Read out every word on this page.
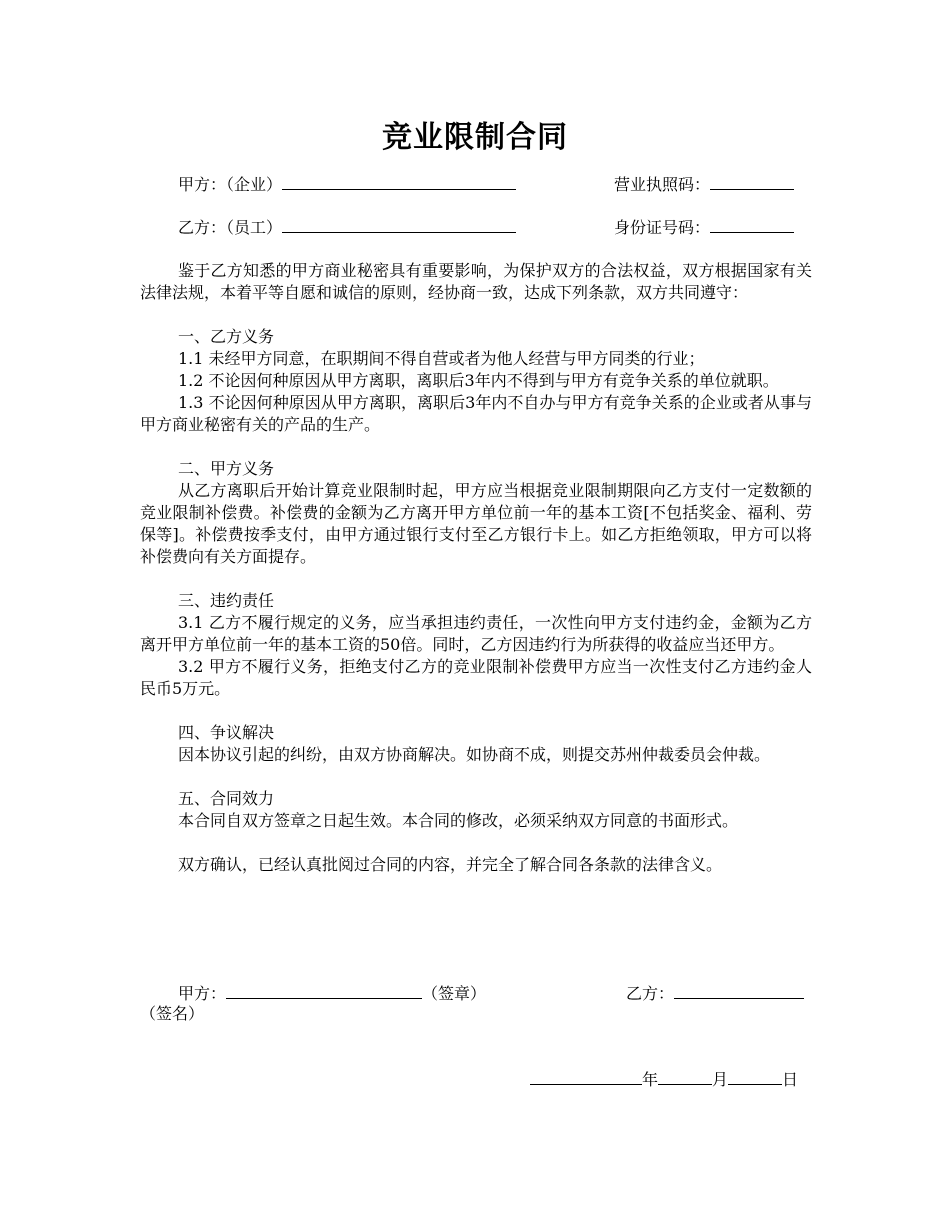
竞业限制合同
甲方：（企业）	营业执照码：
乙方：（员工）	身份证号码：

鉴于乙方知悉的甲方商业秘密具有重要影响，为保护双方的合法权益，双方根据国家有关法律法规，本着平等自愿和诚信的原则，经协商一致，达成下列条款，双方共同遵守：

一、乙方义务

1.1 未经甲方同意，在职期间不得自营或者为他人经营与甲方同类的行业；

1.2 不论因何种原因从甲方离职，离职后3年内不得到与甲方有竞争关系的单位就职。

1.3 不论因何种原因从甲方离职，离职后3年内不自办与甲方有竞争关系的企业或者从事与甲方商业秘密有关的产品的生产。

二、甲方义务

从乙方离职后开始计算竞业限制时起，甲方应当根据竞业限制期限向乙方支付一定数额的竞业限制补偿费。补偿费的金额为乙方离开甲方单位前一年的基本工资[不包括奖金、福利、劳保等]。补偿费按季支付，由甲方通过银行支付至乙方银行卡上。如乙方拒绝领取，甲方可以将补偿费向有关方面提存。

三、违约责任

3.1 乙方不履行规定的义务，应当承担违约责任，一次性向甲方支付违约金，金额为乙方离开甲方单位前一年的基本工资的50倍。同时，乙方因违约行为所获得的收益应当还甲方。

3.2 甲方不履行义务，拒绝支付乙方的竞业限制补偿费甲方应当一次性支付乙方违约金人民币5万元。

四、争议解决

因本协议引起的纠纷，由双方协商解决。如协商不成，则提交苏州仲裁委员会仲裁。

五、合同效力

本合同自双方签章之日起生效。本合同的修改，必须采纳双方同意的书面形式。

双方确认，已经认真批阅过合同的内容，并完全了解合同各条款的法律含义。

甲方：	（签章）	乙方：
（签名）
年	月	日
